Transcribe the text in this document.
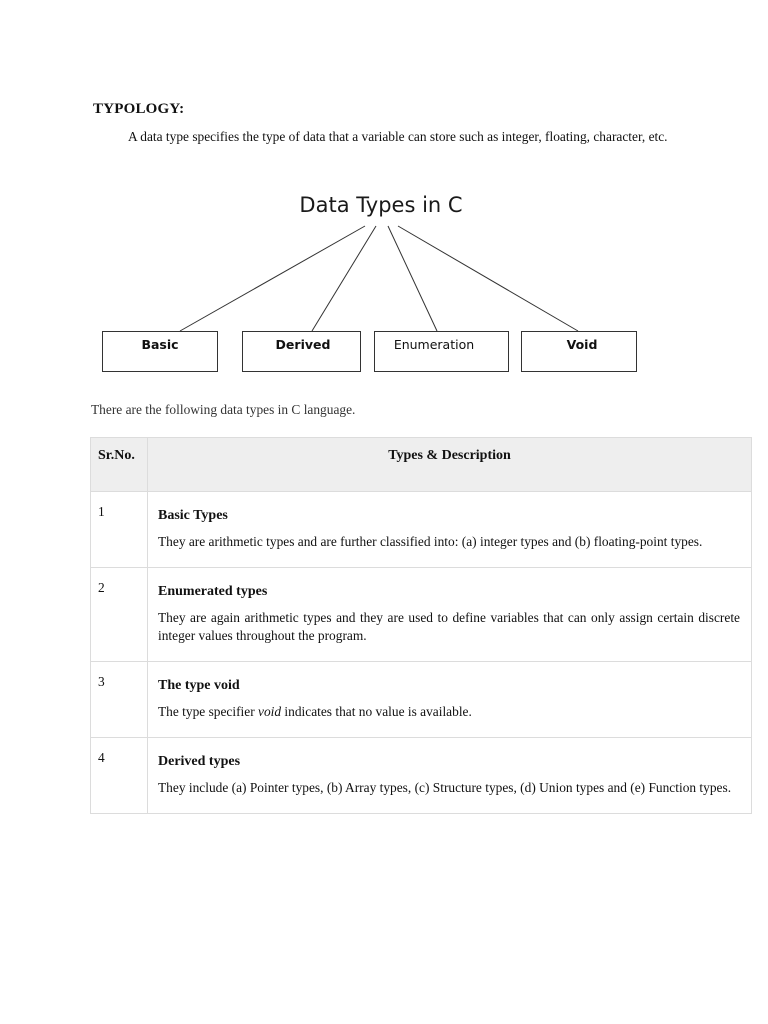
TYPOLOGY:
A data type specifies the type of data that a variable can store such as integer, floating, character, etc.
Data Types in C
Basic	Derived	Enumeration	Void
There are the following data types in C language.
Sr.No.	Types & Description
1	Basic Types
They are arithmetic types and are further classified into: (a) integer types and (b) floating-point types.

2	Enumerated types
They are again arithmetic types and they are used to define variables that can only assign certain discrete integer values throughout the program.

3	The type void
The type specifier void indicates that no value is available.

4	Derived types
They include (a) Pointer types, (b) Array types, (c) Structure types, (d) Union types and (e) Function types.
